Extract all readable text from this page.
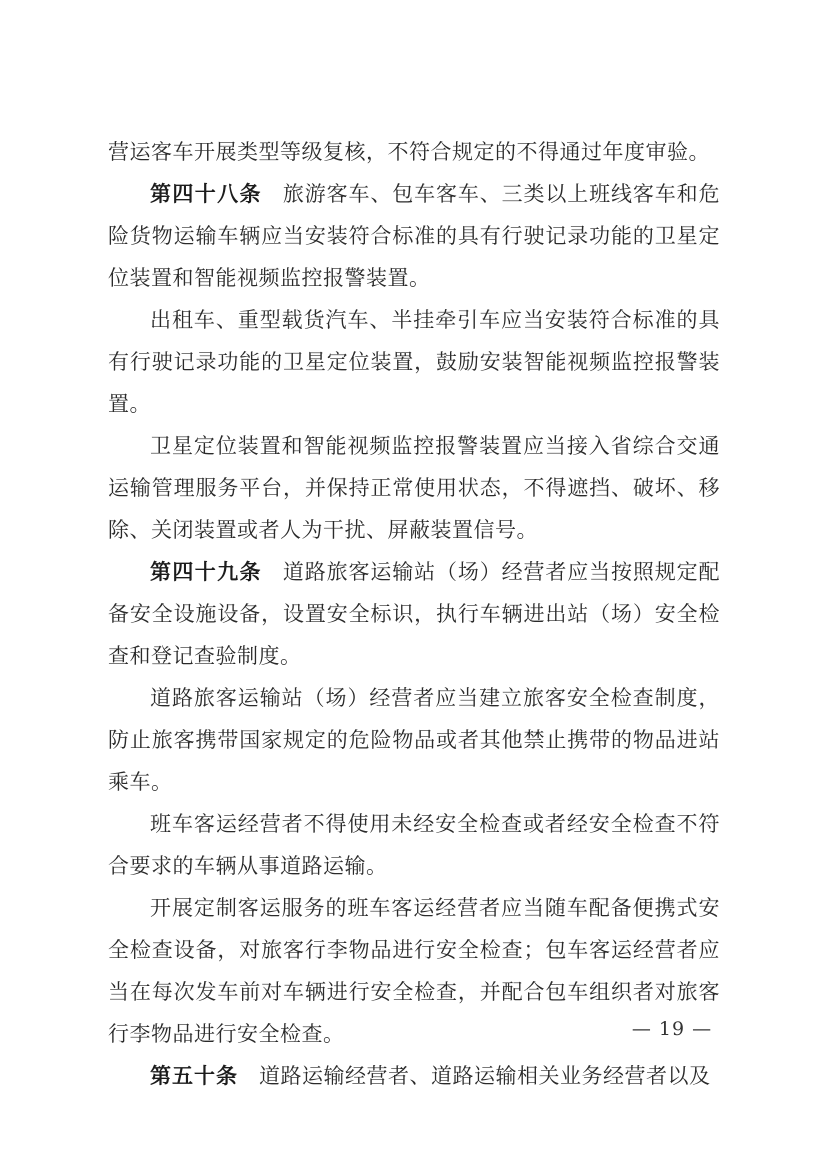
营运客车开展类型等级复核，不符合规定的不得通过年度审验。

第四十八条 旅游客车、包车客车、三类以上班线客车和危险货物运输车辆应当安装符合标准的具有行驶记录功能的卫星定位装置和智能视频监控报警装置。

出租车、重型载货汽车、半挂牵引车应当安装符合标准的具有行驶记录功能的卫星定位装置，鼓励安装智能视频监控报警装置。

卫星定位装置和智能视频监控报警装置应当接入省综合交通运输管理服务平台，并保持正常使用状态，不得遮挡、破坏、移除、关闭装置或者人为干扰、屏蔽装置信号。

第四十九条 道路旅客运输站（场）经营者应当按照规定配备安全设施设备，设置安全标识，执行车辆进出站（场）安全检查和登记查验制度。

道路旅客运输站（场）经营者应当建立旅客安全检查制度，防止旅客携带国家规定的危险物品或者其他禁止携带的物品进站乘车。

班车客运经营者不得使用未经安全检查或者经安全检查不符合要求的车辆从事道路运输。

开展定制客运服务的班车客运经营者应当随车配备便携式安全检查设备，对旅客行李物品进行安全检查；包车客运经营者应当在每次发车前对车辆进行安全检查，并配合包车组织者对旅客行李物品进行安全检查。

第五十条 道路运输经营者、道路运输相关业务经营者以及

— 19 —
